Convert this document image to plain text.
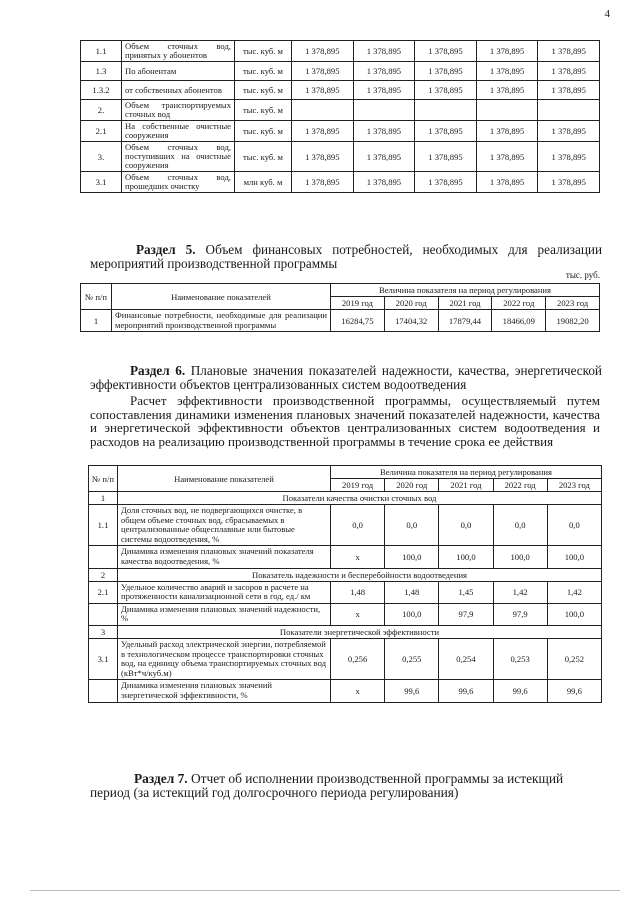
4
1.1	Объем сточных вод, принятых у абонентов	тыс. куб. м	1 378,895	1 378,895	1 378,895	1 378,895	1 378,895
1.3	По абонентам	тыс. куб. м	1 378,895	1 378,895	1 378,895	1 378,895	1 378,895
1.3.2	от собственных абонентов	тыс. куб. м	1 378,895	1 378,895	1 378,895	1 378,895	1 378,895
2.	Объем транспортируемых сточных вод	тыс. куб. м					
2.1	На собственные очистные сооружения	тыс. куб. м	1 378,895	1 378,895	1 378,895	1 378,895	1 378,895
3.	Объем сточных вод, поступивших на очистные сооружения	тыс. куб. м	1 378,895	1 378,895	1 378,895	1 378,895	1 378,895
3.1	Объем сточных вод, прошедших очистку	млн куб. м	1 378,895	1 378,895	1 378,895	1 378,895	1 378,895
Раздел 5. Объем финансовых потребностей, необходимых для реализации мероприятий производственной программы
тыс. руб.
№ п/п	Наименование показателей	Величина показателя на период регулирования				
		2019 год	2020 год	2021 год	2022 год	2023 год
1	Финансовые потребности, необходимые для реализации мероприятий производственной программы	16284,75	17404,32	17879,44	18466,09	19082,20
Раздел 6. Плановые значения показателей надежности, качества, энергетической эффективности объектов централизованных систем водоотведения
Расчет эффективности производственной программы, осуществляемый путем сопоставления динамики изменения плановых значений показателей надежности, качества и энергетической эффективности объектов централизованных систем водоотведения и расходов на реализацию производственной программы в течение срока ее действия
№ п/п	Наименование показателей	Величина показателя на период регулирования				
		2019 год	2020 год	2021 год	2022 год	2023 год
1	Показатели качества очистки сточных вод					
1.1	Доля сточных вод, не подвергающихся очистке, в общем объеме сточных вод, сбрасываемых в централизованные общесплавные или бытовые системы водоотведения, %	0,0	0,0	0,0	0,0	0,0
	Динамика изменения плановых значений показателя качества водоотведения, %	х	100,0	100,0	100,0	100,0
2	Показатель надежности и бесперебойности водоотведения					
2.1	Удельное количество аварий и засоров в расчете на протяженности канализационной сети в год, ед./ км	1,48	1,48	1,45	1,42	1,42
	Динамика изменения плановых значений надежности, %	х	100,0	97,9	97,9	100,0
3	Показатели энергетической эффективности					
3.1	Удельный расход электрической энергии, потребляемой в технологическом процессе транспортировки сточных вод, на единицу объема транспортируемых сточных вод (кВт*ч/куб.м)	0,256	0,255	0,254	0,253	0,252
	Динамика изменения плановых значений энергетической эффективности, %	х	99,6	99,6	99,6	99,6
Раздел 7. Отчет об исполнении производственной программы за истекщий период (за истекщий год долгосрочного периода регулирования)
